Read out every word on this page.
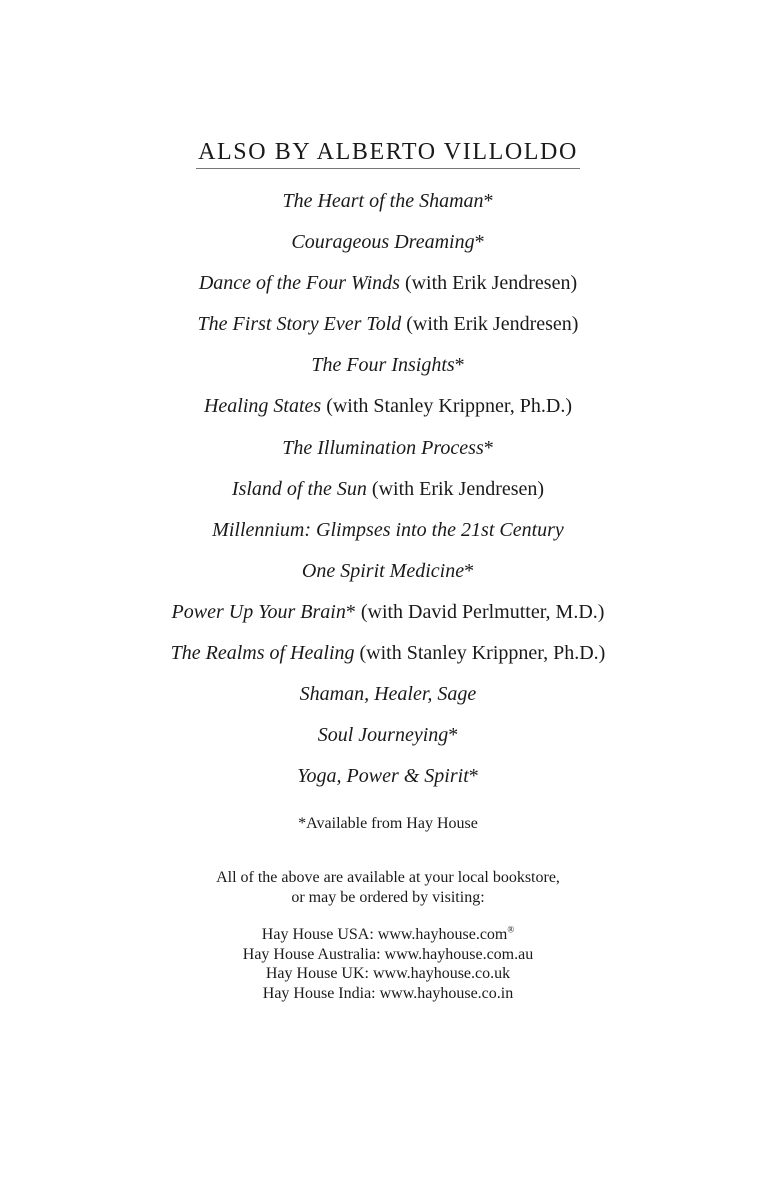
ALSO BY ALBERTO VILLOLDO
The Heart of the Shaman*
Courageous Dreaming*
Dance of the Four Winds (with Erik Jendresen)
The First Story Ever Told (with Erik Jendresen)
The Four Insights*
Healing States (with Stanley Krippner, Ph.D.)
The Illumination Process*
Island of the Sun (with Erik Jendresen)
Millennium: Glimpses into the 21st Century
One Spirit Medicine*
Power Up Your Brain* (with David Perlmutter, M.D.)
The Realms of Healing (with Stanley Krippner, Ph.D.)
Shaman, Healer, Sage
Soul Journeying*
Yoga, Power & Spirit*
*Available from Hay House
All of the above are available at your local bookstore,
or may be ordered by visiting:
Hay House USA: www.hayhouse.com®
Hay House Australia: www.hayhouse.com.au
Hay House UK: www.hayhouse.co.uk
Hay House India: www.hayhouse.co.in
